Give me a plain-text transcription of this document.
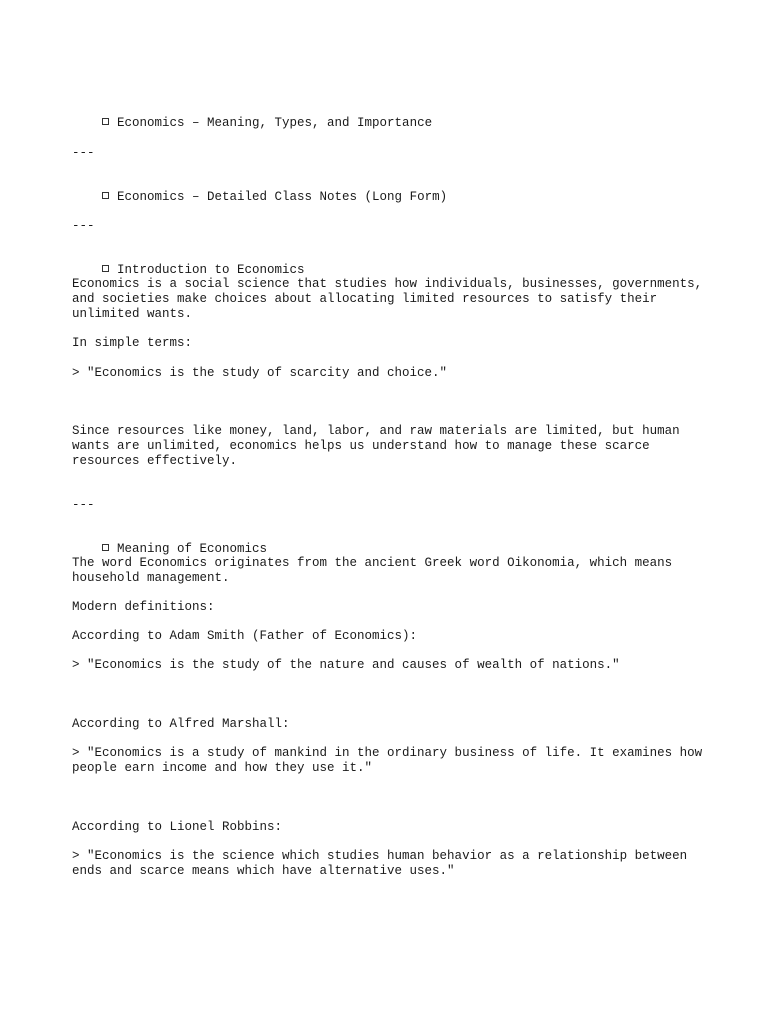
Economics – Meaning, Types, and Importance

---

Economics – Detailed Class Notes (Long Form)

---

Introduction to Economics

Economics is a social science that studies how individuals, businesses, governments, and societies make choices about allocating limited resources to satisfy their unlimited wants.
In simple terms:
> "Economics is the study of scarcity and choice."
Since resources like money, land, labor, and raw materials are limited, but human wants are unlimited, economics helps us understand how to manage these scarce resources effectively.
---

Meaning of Economics

The word Economics originates from the ancient Greek word Oikonomia, which means household management.
Modern definitions:
According to Adam Smith (Father of Economics):
> "Economics is the study of the nature and causes of wealth of nations."
According to Alfred Marshall:
> "Economics is a study of mankind in the ordinary business of life. It examines how people earn income and how they use it."
According to Lionel Robbins:
> "Economics is the science which studies human behavior as a relationship between ends and scarce means which have alternative uses."
